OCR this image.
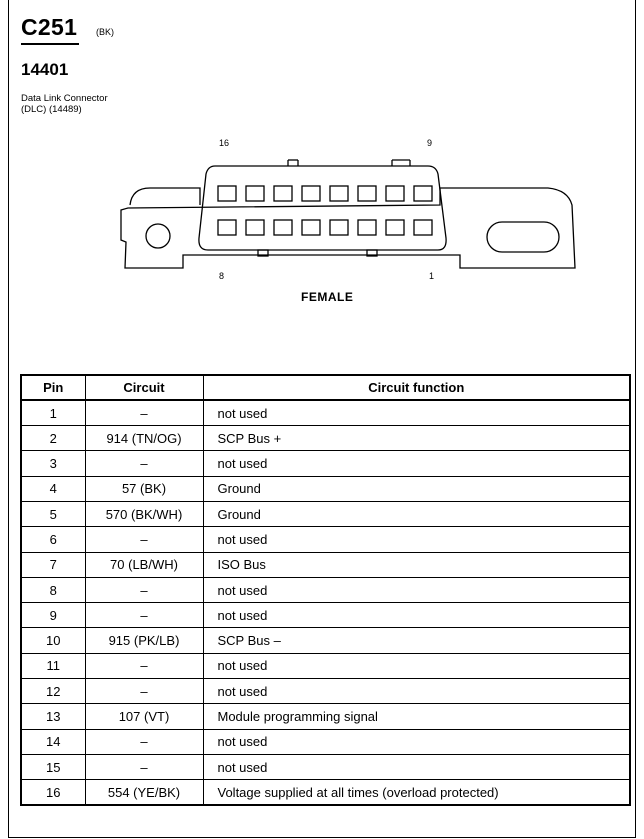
C251 (BK)
14401
Data Link Connector
(DLC) (14489)
16	9
8	1
FEMALE
Pin	Circuit	Circuit function
1	–	not used
2	914 (TN/OG)	SCP Bus +
3	–	not used
4	57 (BK)	Ground
5	570 (BK/WH)	Ground
6	–	not used
7	70 (LB/WH)	ISO Bus
8	–	not used
9	–	not used
10	915 (PK/LB)	SCP Bus –
11	–	not used
12	–	not used
13	107 (VT)	Module programming signal
14	–	not used
15	–	not used
16	554 (YE/BK)	Voltage supplied at all times (overload protected)
